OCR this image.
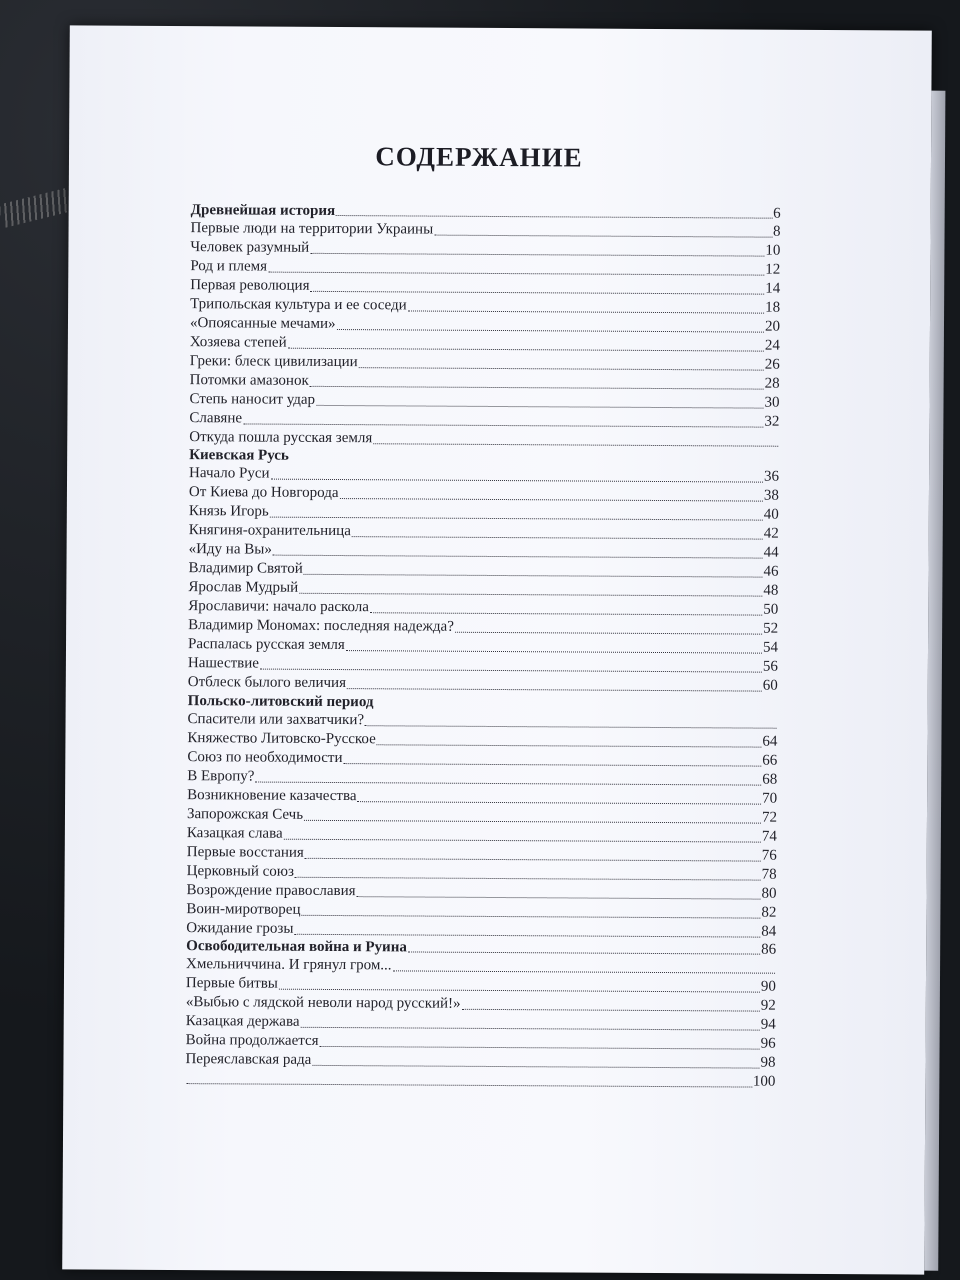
СОДЕРЖАНИЕ
Древнейшая история	6
Первые люди на территории Украины	8
Человек разумный	10
Род и племя	12
Первая революция	14
Трипольская культура и ее соседи	18
«Опоясанные мечами»	20
Хозяева степей	24
Греки: блеск цивилизации	26
Потомки амазонок	28
Степь наносит удар	30
Славяне	32
Откуда пошла русская земля
Киевская Русь
Начало Руси	36
От Киева до Новгорода	38
Князь Игорь	40
Княгиня-охранительница	42
«Иду на Вы»	44
Владимир Святой	46
Ярослав Мудрый	48
Ярославичи: начало раскола	50
Владимир Мономах: последняя надежда?	52
Распалась русская земля	54
Нашествие	56
Отблеск былого величия	60
Польско-литовский период
Спасители или захватчики?
Княжество Литовско-Русское	64
Союз по необходимости	66
В Европу?	68
Возникновение казачества	70
Запорожская Сечь	72
Казацкая слава	74
Первые восстания	76
Церковный союз	78
Возрождение православия	80
Воин-миротворец	82
Ожидание грозы	84
Освободительная война и Руина	86
Хмельниччина. И грянул гром...
Первые битвы	90
«Выбью с лядской неволи народ русский!»	92
Казацкая держава	94
Война продолжается	96
Переяславская рада	98
100
